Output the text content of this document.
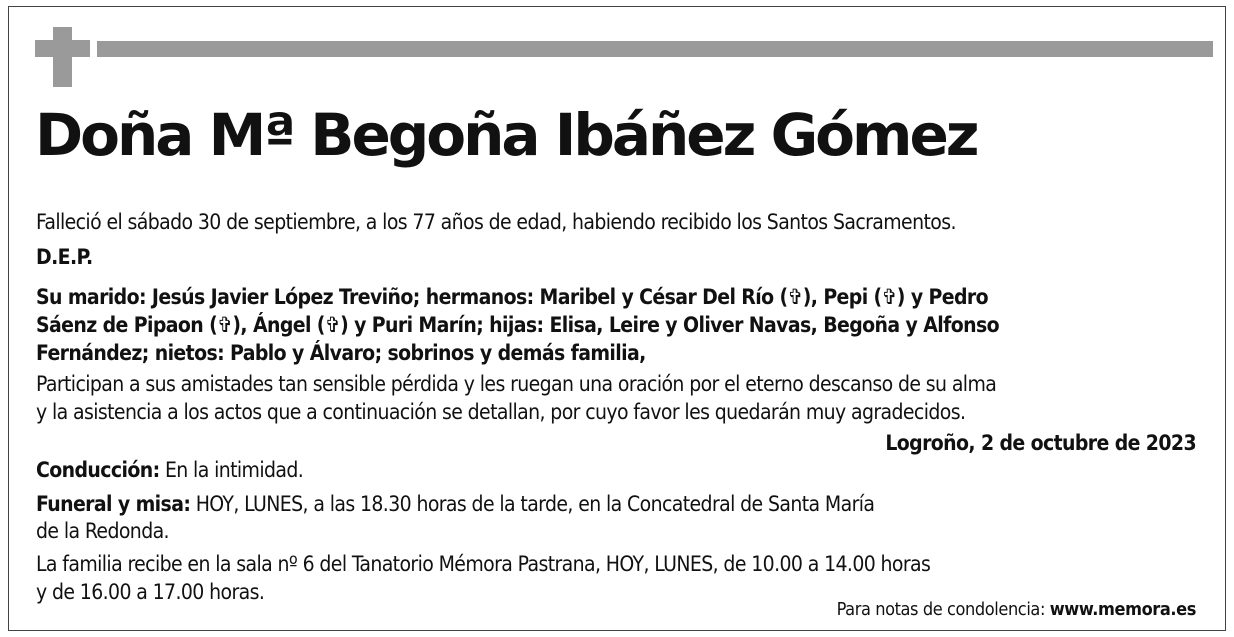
Doña Mª Begoña Ibáñez Gómez
Falleció el sábado 30 de septiembre, a los 77 años de edad, habiendo recibido los Santos Sacramentos.
D.E.P.
Su marido: Jesús Javier López Treviño; hermanos: Maribel y César Del Río (✞), Pepi (✞) y Pedro
Sáenz de Pipaon (✞), Ángel (✞) y Puri Marín; hijas: Elisa, Leire y Oliver Navas, Begoña y Alfonso
Fernández; nietos: Pablo y Álvaro; sobrinos y demás familia,
Participan a sus amistades tan sensible pérdida y les ruegan una oración por el eterno descanso de su alma
y la asistencia a los actos que a continuación se detallan, por cuyo favor les quedarán muy agradecidos.
Logroño, 2 de octubre de 2023
Conducción: En la intimidad.
Funeral y misa: HOY, LUNES, a las 18.30 horas de la tarde, en la Concatedral de Santa María
de la Redonda.
La familia recibe en la sala nº 6 del Tanatorio Mémora Pastrana, HOY, LUNES, de 10.00 a 14.00 horas
y de 16.00 a 17.00 horas.
Para notas de condolencia: www.memora.es
